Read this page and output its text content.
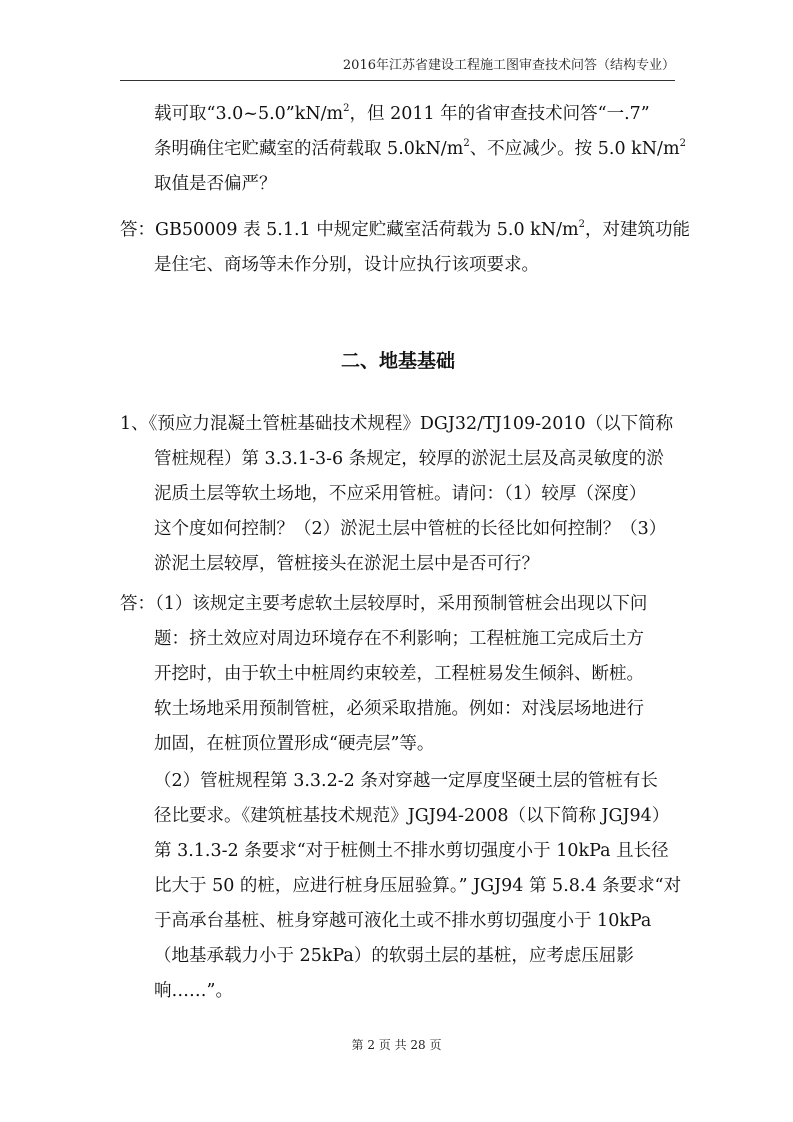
2016年江苏省建设工程施工图审查技术问答（结构专业）
载可取“$3.0\sim 5.0”kN/m^2$，但 2011 年的省审查技术问答“一.7”
条明确住宅贮藏室的活荷载取 $5.0kN/m^2$、不应减少。按 5.0 $kN/m^2$
取值是否偏严？
答：GB50009 表 5.1.1 中规定贮藏室活荷载为 5.0 $kN/m^2$，对建筑功能
是住宅、商场等未作分别，设计应执行该项要求。
二、地基基础
1、《预应力混凝土管桩基础技术规程》DGJ32/TJ109-2010（以下简称
管桩规程）第 3.3.1-3-6 条规定，较厚的淤泥土层及高灵敏度的淤
泥质土层等软土场地，不应采用管桩。请问：（1）较厚（深度）
这个度如何控制？（2）淤泥土层中管桩的长径比如何控制？（3）
淤泥土层较厚，管桩接头在淤泥土层中是否可行？
答：（1）该规定主要考虑软土层较厚时，采用预制管桩会出现以下问
题：挤土效应对周边环境存在不利影响；工程桩施工完成后土方
开挖时，由于软土中桩周约束较差，工程桩易发生倾斜、断桩。
软土场地采用预制管桩，必须采取措施。例如：对浅层场地进行
加固，在桩顶位置形成“硬壳层”等。
（2）管桩规程第 3.3.2-2 条对穿越一定厚度坚硬土层的管桩有长
径比要求。《建筑桩基技术规范》JGJ94-2008（以下简称 JGJ94）
第 3.1.3-2 条要求“对于桩侧土不排水剪切强度小于 10kPa 且长径
比大于 50 的桩，应进行桩身压屈验算。” JGJ94 第 5.8.4 条要求“对
于高承台基桩、桩身穿越可液化土或不排水剪切强度小于 10kPa
（地基承载力小于 25kPa）的软弱土层的基桩，应考虑压屈影
响……”。
第 2 页 共 28 页
